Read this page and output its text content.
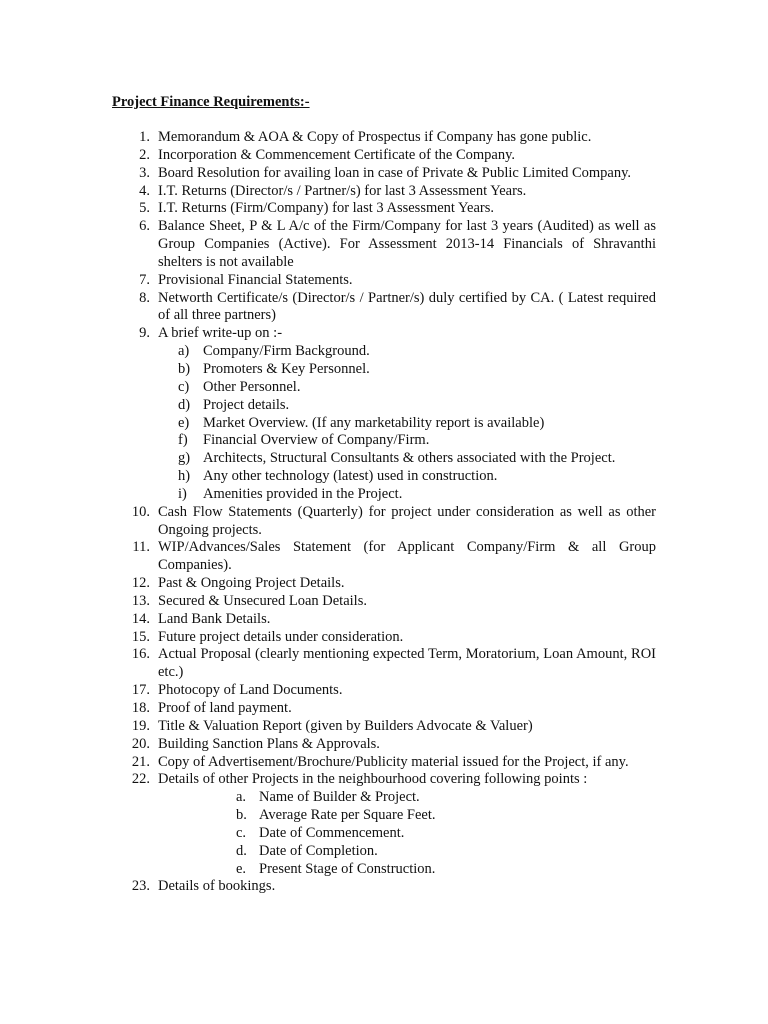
Project Finance Requirements:-
1. Memorandum & AOA & Copy of Prospectus if Company has gone public.
2. Incorporation & Commencement Certificate of the Company.
3. Board Resolution for availing loan in case of Private & Public Limited Company.
4. I.T. Returns (Director/s / Partner/s) for last 3 Assessment Years.
5. I.T. Returns (Firm/Company) for last 3 Assessment Years.
6. Balance Sheet, P & L A/c of the Firm/Company for last 3 years (Audited) as well as Group Companies (Active). For Assessment 2013-14 Financials of Shravanthi shelters is not available
7. Provisional Financial Statements.
8. Networth Certificate/s (Director/s / Partner/s) duly certified by CA. ( Latest required of all three partners)
9. A brief write-up on :-
a) Company/Firm Background.
b) Promoters & Key Personnel.
c) Other Personnel.
d) Project details.
e) Market Overview. (If any marketability report is available)
f)	Financial Overview of Company/Firm.
g) Architects, Structural Consultants & others associated with the Project.
h) Any other technology (latest) used in construction.
i)	Amenities provided in the Project.
10. Cash Flow Statements (Quarterly) for project under consideration as well as other Ongoing projects.
11. WIP/Advances/Sales Statement (for Applicant Company/Firm & all Group Companies).
12. Past & Ongoing Project Details.
13. Secured & Unsecured Loan Details.
14. Land Bank Details.
15. Future project details under consideration.
16. Actual Proposal (clearly mentioning expected Term, Moratorium, Loan Amount, ROI etc.)
17. Photocopy of Land Documents.
18. Proof of land payment.
19. Title & Valuation Report (given by Builders Advocate & Valuer)
20. Building Sanction Plans & Approvals.
21. Copy of Advertisement/Brochure/Publicity material issued for the Project, if any.
22. Details of other Projects in the neighbourhood covering following points :
a. Name of Builder & Project.
b. Average Rate per Square Feet.
c. Date of Commencement.
d. Date of Completion.
e. Present Stage of Construction.
23. Details of bookings.
